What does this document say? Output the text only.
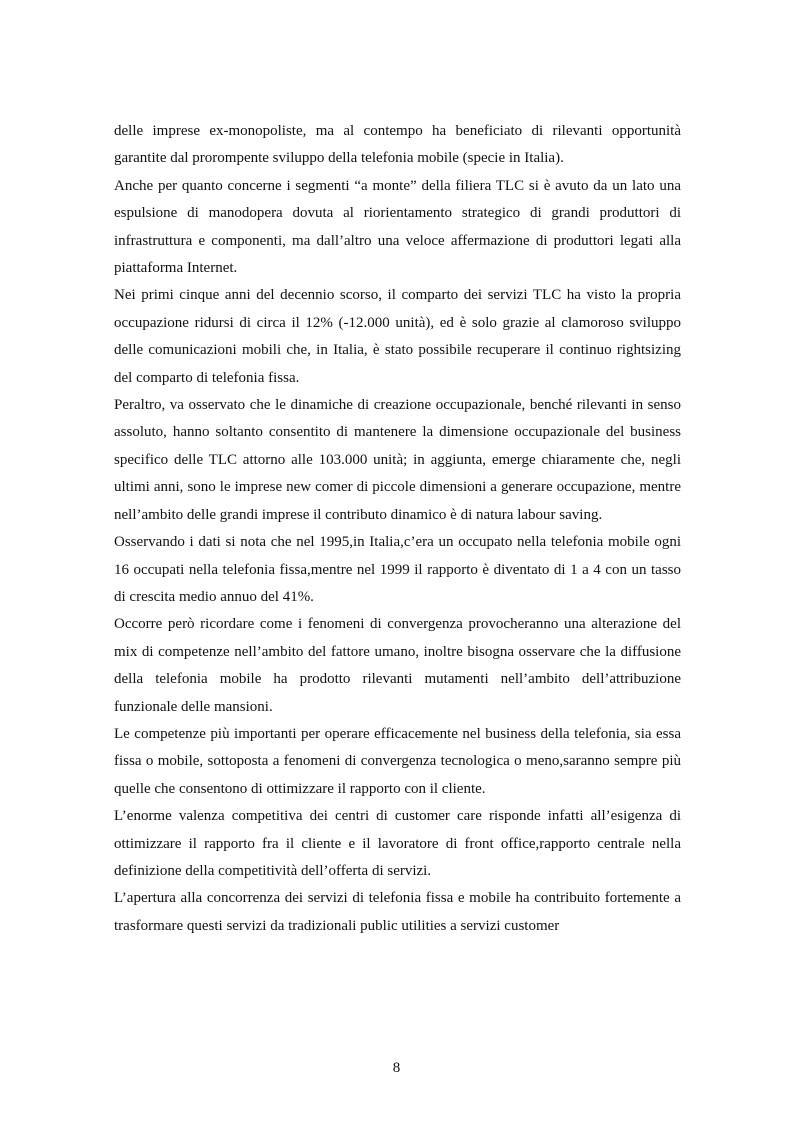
delle imprese ex-monopoliste, ma al contempo ha beneficiato di rilevanti opportunità garantite dal prorompente sviluppo della telefonia mobile (specie in Italia).

Anche per quanto concerne i segmenti “a monte” della filiera TLC si è avuto da un lato una espulsione di manodopera dovuta al riorientamento strategico di grandi produttori di infrastruttura e componenti, ma dall’altro una veloce affermazione di produttori legati alla piattaforma Internet.

Nei primi cinque anni del decennio scorso, il comparto dei servizi TLC ha visto la propria occupazione ridursi di circa il 12% (-12.000 unità), ed è solo grazie al clamoroso sviluppo delle comunicazioni mobili che, in Italia, è stato possibile recuperare il continuo rightsizing del comparto di telefonia fissa.

Peraltro, va osservato che le dinamiche di creazione occupazionale, benché rilevanti in senso assoluto, hanno soltanto consentito di mantenere la dimensione occupazionale del business specifico delle TLC attorno alle 103.000 unità; in aggiunta, emerge chiaramente che, negli ultimi anni, sono le imprese new comer di piccole dimensioni a generare occupazione, mentre nell’ambito delle grandi imprese il contributo dinamico è di natura labour saving.

Osservando i dati si nota che nel 1995,in Italia,c’era un occupato nella telefonia mobile ogni 16 occupati nella telefonia fissa,mentre nel 1999 il rapporto è diventato di 1 a 4 con un tasso di crescita medio annuo del 41%.

Occorre però ricordare come i fenomeni di convergenza provocheranno una alterazione del mix di competenze nell’ambito del fattore umano, inoltre bisogna osservare che la diffusione della telefonia mobile ha prodotto rilevanti mutamenti nell’ambito dell’attribuzione funzionale delle mansioni.

Le competenze più importanti per operare efficacemente nel business della telefonia, sia essa fissa o mobile, sottoposta a fenomeni di convergenza tecnologica o meno,saranno sempre più quelle che consentono di ottimizzare il rapporto con il cliente.

L’enorme valenza competitiva dei centri di customer care risponde infatti all’esigenza di ottimizzare il rapporto fra il cliente e il lavoratore di front office,rapporto centrale nella definizione della competitività dell’offerta di servizi.

L’apertura alla concorrenza dei servizi di telefonia fissa e mobile ha contribuito fortemente a trasformare questi servizi da tradizionali public utilities a servizi customer

8
